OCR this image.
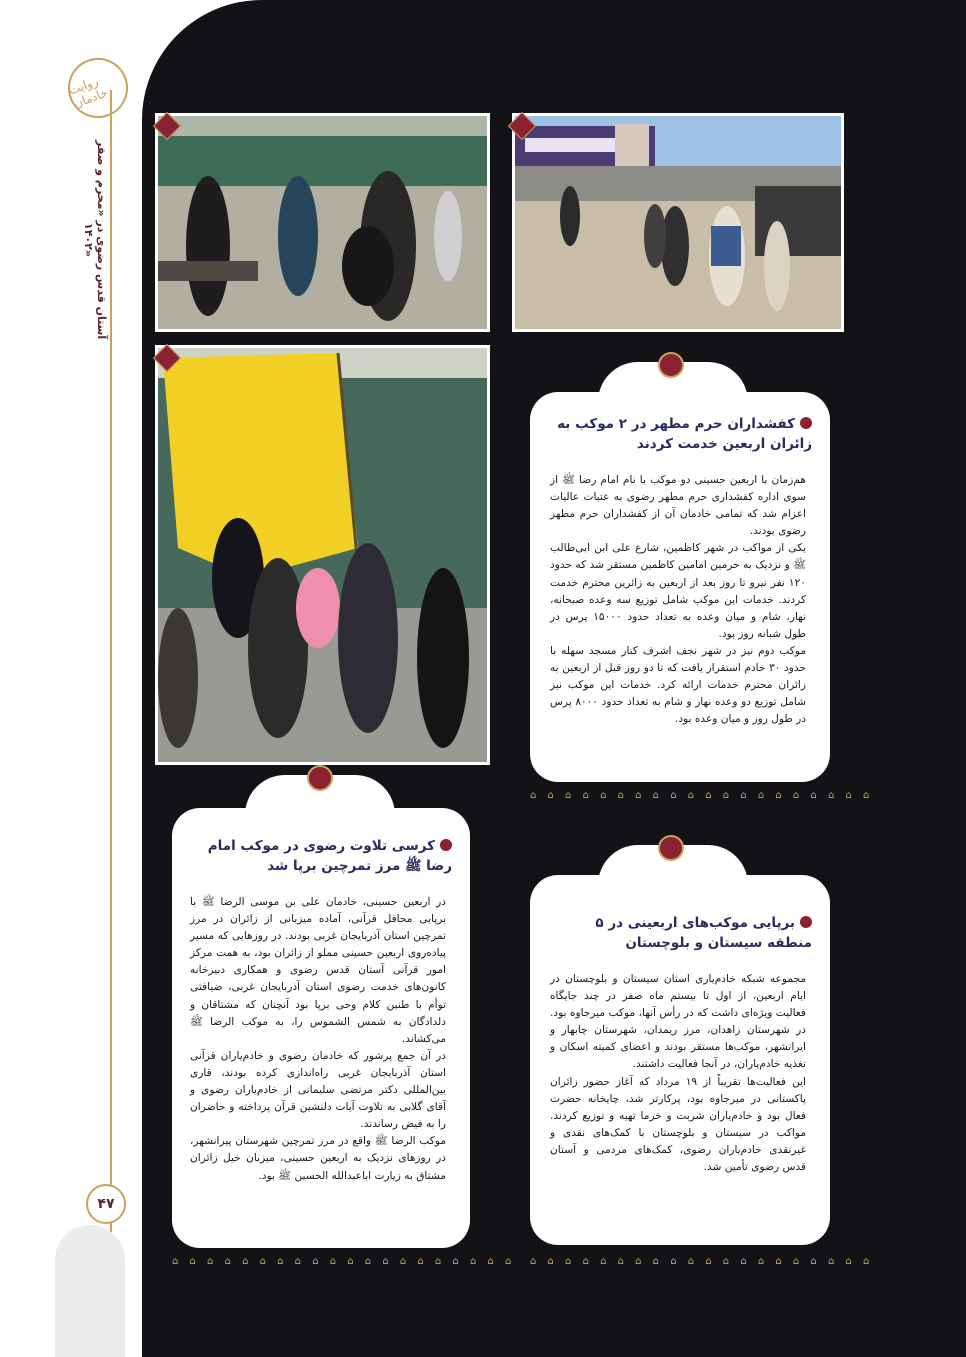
روایت خادمان
آستان قدس رضوی در «محرم و صفر ۱۴۰۲»
۴۷
کفشداران حرم مطهر در ۲ موکب به زائران اربعین خدمت کردند

هم‌زمان با اربعین حسینی دو موکب با نام امام رضا ﷺ از سوی اداره کفشداری حرم مطهر رضوی به عتبات عالیات اعزام شد که تمامی خادمان آن از کفشداران حرم مطهر رضوی بودند.

یکی از مواکب در شهر کاظمین، شارع علی ابن ابی‌طالب ﷺ و نزدیک به حرمین امامین کاظمین مستقر شد که حدود ۱۲۰ نفر نیرو تا روز بعد از اربعین به زائرین محترم خدمت کردند. خدمات این موکب شامل توزیع سه وعده صبحانه، نهار، شام و میان وعده به تعداد حدود ۱۵۰۰۰ پرس در طول شبانه روز بود.

موکب دوم نیز در شهر نجف اشرف کنار مسجد سهله با حدود ۳۰ خادم استقرار یافت که تا دو روز قبل از اربعین به زائران محترم خدمات ارائه کرد. خدمات این موکب نیز شامل توزیع دو وعده نهار و شام به تعداد حدود ۸۰۰۰ پرس در طول روز و میان وعده بود.

⌂ ⌂ ⌂ ⌂ ⌂ ⌂ ⌂ ⌂ ⌂ ⌂ ⌂ ⌂ ⌂ ⌂ ⌂ ⌂ ⌂ ⌂ ⌂ ⌂
کرسی تلاوت رضوی در موکب امام رضا ﷺ مرز تمرچین برپا شد

در اربعین حسینی، خادمان علی بن موسی الرضا ﷺ با برپایی محافل قرآنی، آماده میزبانی از زائران در مرز تمرچین استان آذربایجان غربی بودند. در روزهایی که مسیر پیاده‌روی اربعین حسینی مملو از زائران بود، به همت مرکز امور قرآنی آستان قدس رضوی و همکاری دبیرخانه کانون‌های خدمت رضوی استان آذربایجان غربی، ضیافتی توأم با طنین کلام وحی برپا بود آنچنان که مشتاقان و دلدادگان به شمس الشموس را، به موکب الرضا ﷺ می‌کشاند.

در آن جمع پرشور که خادمان رضوی و خادم‌یاران قرآنی استان آذربایجان غربی راه‌اندازی کرده بودند، قاری بین‌المللی دکتر مرتضی سلیمانی از خادم‌یاران رضوی و آقای گلابی به تلاوت آیات دلنشین قرآن پرداخته و حاضران را به فیض رساندند.

موکب الرضا ﷺ واقع در مرز تمرچین شهرستان پیرانشهر، در روزهای نزدیک به اربعین حسینی، میزبان خیل زائران مشتاق به زیارت اباعبدالله الحسین ﷺ بود.

⌂ ⌂ ⌂ ⌂ ⌂ ⌂ ⌂ ⌂ ⌂ ⌂ ⌂ ⌂ ⌂ ⌂ ⌂ ⌂ ⌂ ⌂ ⌂ ⌂
برپایی موکب‌های اربعینی در ۵ منطقه سیستان و بلوچستان

مجموعه شبکه خادم‌یاری استان سیستان و بلوچستان در ایام اربعین، از اول تا بیستم ماه صفر در چند جایگاه فعالیت ویژه‌ای داشت که در رأس آنها، موکب میرجاوه بود. در شهرستان زاهدان، مرز ریمدان، شهرستان چابهار و ایرانشهر، موکب‌ها مستقر بودند و اعضای کمیته اسکان و تغذیه خادم‌یاران، در آنجا فعالیت داشتند.

این فعالیت‌ها تقریباً از ۱۹ مرداد که آغاز حضور زائران پاکستانی در میرجاوه بود، پرکارتر شد، چایخانه حضرت فعال بود و خادم‌یاران شربت و خرما تهیه و توزیع کردند. مواکب در سیستان و بلوچستان با کمک‌های نقدی و غیرنقدی خادم‌یاران رضوی، کمک‌های مردمی و آستان قدس رضوی تأمین شد.

⌂ ⌂ ⌂ ⌂ ⌂ ⌂ ⌂ ⌂ ⌂ ⌂ ⌂ ⌂ ⌂ ⌂ ⌂ ⌂ ⌂ ⌂ ⌂ ⌂
